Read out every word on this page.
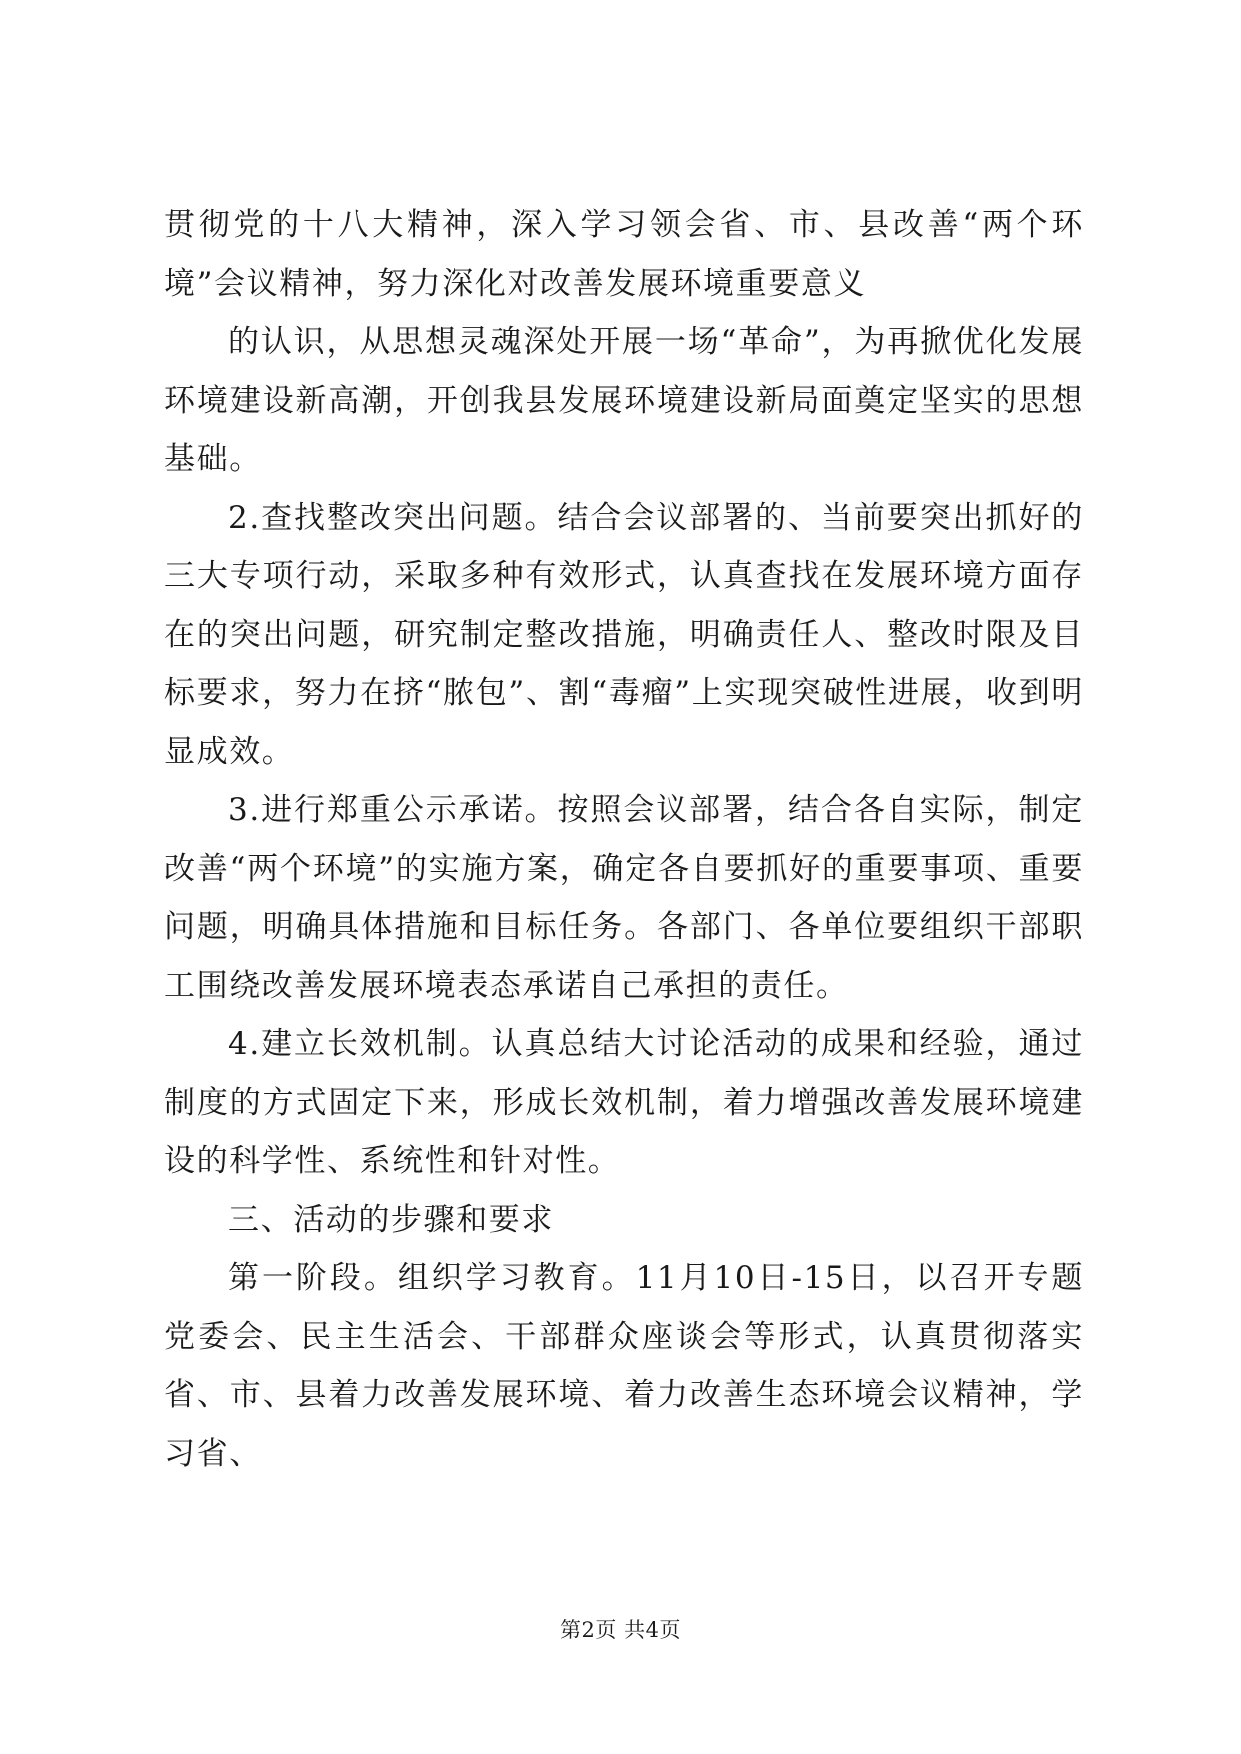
贯彻党的十八大精神，深入学习领会省、市、县改善“两个环境”会议精神，努力深化对改善发展环境重要意义

的认识，从思想灵魂深处开展一场“革命”，为再掀优化发展环境建设新高潮，开创我县发展环境建设新局面奠定坚实的思想基础。

2.查找整改突出问题。结合会议部署的、当前要突出抓好的三大专项行动，采取多种有效形式，认真查找在发展环境方面存在的突出问题，研究制定整改措施，明确责任人、整改时限及目标要求，努力在挤“脓包”、割“毒瘤”上实现突破性进展，收到明显成效。

3.进行郑重公示承诺。按照会议部署，结合各自实际，制定改善“两个环境”的实施方案，确定各自要抓好的重要事项、重要问题，明确具体措施和目标任务。各部门、各单位要组织干部职工围绕改善发展环境表态承诺自己承担的责任。

4.建立长效机制。认真总结大讨论活动的成果和经验，通过制度的方式固定下来，形成长效机制，着力增强改善发展环境建设的科学性、系统性和针对性。

三、活动的步骤和要求

第一阶段。组织学习教育。11月10日-15日，以召开专题党委会、民主生活会、干部群众座谈会等形式，认真贯彻落实省、市、县着力改善发展环境、着力改善生态环境会议精神，学习省、

第2页 共4页
